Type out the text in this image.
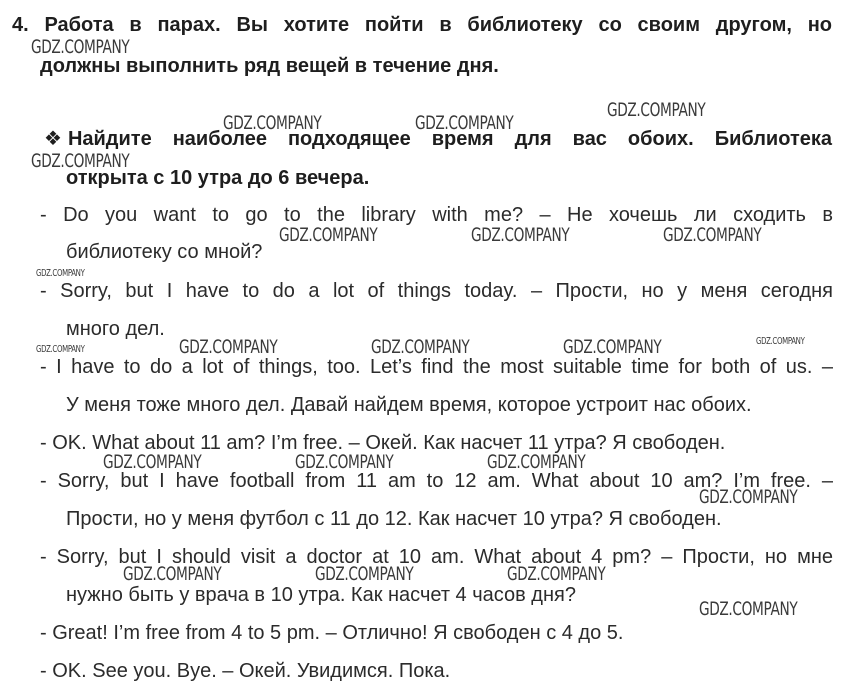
4. Работа в парах. Вы хотите пойти в библиотеку со своим другом, но
должны выполнить ряд вещей в течение дня.
❖ Найдите наиболее подходящее время для вас обоих. Библиотека
открыта с 10 утра до 6 вечера.
- Do you want to go to the library with me? – Не хочешь ли сходить в
библиотеку со мной?
- Sorry, but I have to do a lot of things today. – Прости, но у меня сегодня
много дел.
- I have to do a lot of things, too. Let’s find the most suitable time for both of us. –
У меня тоже много дел. Давай найдем время, которое устроит нас обоих.
- OK. What about 11 am? I’m free. – Окей. Как насчет 11 утра? Я свободен.
- Sorry, but I have football from 11 am to 12 am. What about 10 am? I’m free. –
Прости, но у меня футбол с 11 до 12. Как насчет 10 утра? Я свободен.
- Sorry, but I should visit a doctor at 10 am. What about 4 pm? – Прости, но мне
нужно быть у врача в 10 утра. Как насчет 4 часов дня?
- Great! I’m free from 4 to 5 pm. – Отлично! Я свободен с 4 до 5.
- OK. See you. Bye. – Окей. Увидимся. Пока.
GDZ.COMPANY
GDZ.COMPANY	GDZ.COMPANY
GDZ.COMPANY
GDZ.COMPANY
GDZ.COMPANY	GDZ.COMPANY	GDZ.COMPANY
GDZ.COMPANY
GDZ.COMPANY	GDZ.COMPANY	GDZ.COMPANY
GDZ.COMPANY
GDZ.COMPANY
GDZ.COMPANY	GDZ.COMPANY	GDZ.COMPANY
GDZ.COMPANY
GDZ.COMPANY	GDZ.COMPANY	GDZ.COMPANY
GDZ.COMPANY
